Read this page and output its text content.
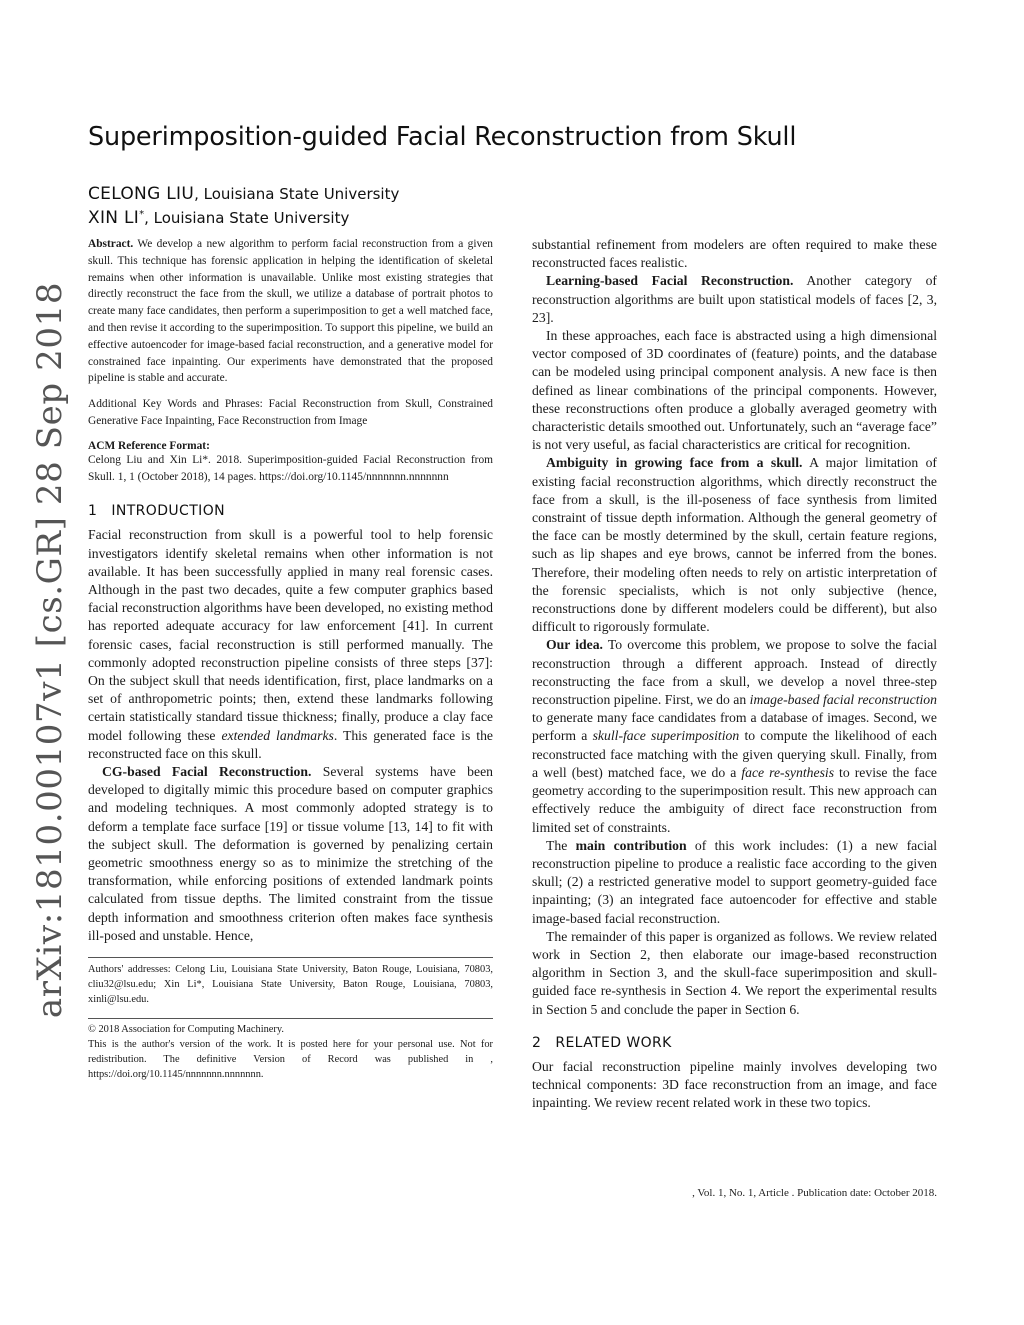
arXiv:1810.00107v1 [cs.GR] 28 Sep 2018
Superimposition-guided Facial Reconstruction from Skull
CELONG LIU, Louisiana State University
XIN LI*, Louisiana State University

Abstract. We develop a new algorithm to perform facial reconstruction from a given skull. This technique has forensic application in helping the identification of skeletal remains when other information is unavailable. Unlike most existing strategies that directly reconstruct the face from the skull, we utilize a database of portrait photos to create many face candidates, then perform a superimposition to get a well matched face, and then revise it according to the superimposition. To support this pipeline, we build an effective autoencoder for image-based facial reconstruction, and a generative model for constrained face inpainting. Our experiments have demonstrated that the proposed pipeline is stable and accurate.

Additional Key Words and Phrases: Facial Reconstruction from Skull, Constrained Generative Face Inpainting, Face Reconstruction from Image

ACM Reference Format:

Celong Liu and Xin Li*. 2018. Superimposition-guided Facial Reconstruction from Skull. 1, 1 (October 2018), 14 pages. https://doi.org/10.1145/nnnnnnn.nnnnnnn

1 INTRODUCTION

Facial reconstruction from skull is a powerful tool to help forensic investigators identify skeletal remains when other information is not available. It has been successfully applied in many real forensic cases. Although in the past two decades, quite a few computer graphics based facial reconstruction algorithms have been developed, no existing method has reported adequate accuracy for law enforcement [41]. In current forensic cases, facial reconstruction is still performed manually. The commonly adopted reconstruction pipeline consists of three steps [37]: On the subject skull that needs identification, first, place landmarks on a set of anthropometric points; then, extend these landmarks following certain statistically standard tissue thickness; finally, produce a clay face model following these extended landmarks. This generated face is the reconstructed face on this skull.

CG-based Facial Reconstruction. Several systems have been developed to digitally mimic this procedure based on computer graphics and modeling techniques. A most commonly adopted strategy is to deform a template face surface [19] or tissue volume [13, 14] to fit with the subject skull. The deformation is governed by penalizing certain geometric smoothness energy so as to minimize the stretching of the transformation, while enforcing positions of extended landmark points calculated from tissue depths. The limited constraint from the tissue depth information and smoothness criterion often makes face synthesis ill-posed and unstable. Hence,

Authors' addresses: Celong Liu, Louisiana State University, Baton Rouge, Louisiana, 70803, cliu32@lsu.edu; Xin Li*, Louisiana State University, Baton Rouge, Louisiana, 70803, xinli@lsu.edu.

© 2018 Association for Computing Machinery.

This is the author's version of the work. It is posted here for your personal use. Not for redistribution. The definitive Version of Record was published in , https://doi.org/10.1145/nnnnnnn.nnnnnnn.

substantial refinement from modelers are often required to make these reconstructed faces realistic.

Learning-based Facial Reconstruction. Another category of reconstruction algorithms are built upon statistical models of faces [2, 3, 23].

In these approaches, each face is abstracted using a high dimensional vector composed of 3D coordinates of (feature) points, and the database can be modeled using principal component analysis. A new face is then defined as linear combinations of the principal components. However, these reconstructions often produce a globally averaged geometry with characteristic details smoothed out. Unfortunately, such an “average face” is not very useful, as facial characteristics are critical for recognition.

Ambiguity in growing face from a skull. A major limitation of existing facial reconstruction algorithms, which directly reconstruct the face from a skull, is the ill-poseness of face synthesis from limited constraint of tissue depth information. Although the general geometry of the face can be mostly determined by the skull, certain feature regions, such as lip shapes and eye brows, cannot be inferred from the bones. Therefore, their modeling often needs to rely on artistic interpretation of the forensic specialists, which is not only subjective (hence, reconstructions done by different modelers could be different), but also difficult to rigorously formulate.

Our idea. To overcome this problem, we propose to solve the facial reconstruction through a different approach. Instead of directly reconstructing the face from a skull, we develop a novel three-step reconstruction pipeline. First, we do an image-based facial reconstruction to generate many face candidates from a database of images. Second, we perform a skull-face superimposition to compute the likelihood of each reconstructed face matching with the given querying skull. Finally, from a well (best) matched face, we do a face re-synthesis to revise the face geometry according to the superimposition result. This new approach can effectively reduce the ambiguity of direct face reconstruction from limited set of constraints.

The main contribution of this work includes: (1) a new facial reconstruction pipeline to produce a realistic face according to the given skull; (2) a restricted generative model to support geometry-guided face inpainting; (3) an integrated face autoencoder for effective and stable image-based facial reconstruction.

The remainder of this paper is organized as follows. We review related work in Section 2, then elaborate our image-based reconstruction algorithm in Section 3, and the skull-face superimposition and skull-guided face re-synthesis in Section 4. We report the experimental results in Section 5 and conclude the paper in Section 6.

2 RELATED WORK

Our facial reconstruction pipeline mainly involves developing two technical components: 3D face reconstruction from an image, and face inpainting. We review recent related work in these two topics.

, Vol. 1, No. 1, Article . Publication date: October 2018.
